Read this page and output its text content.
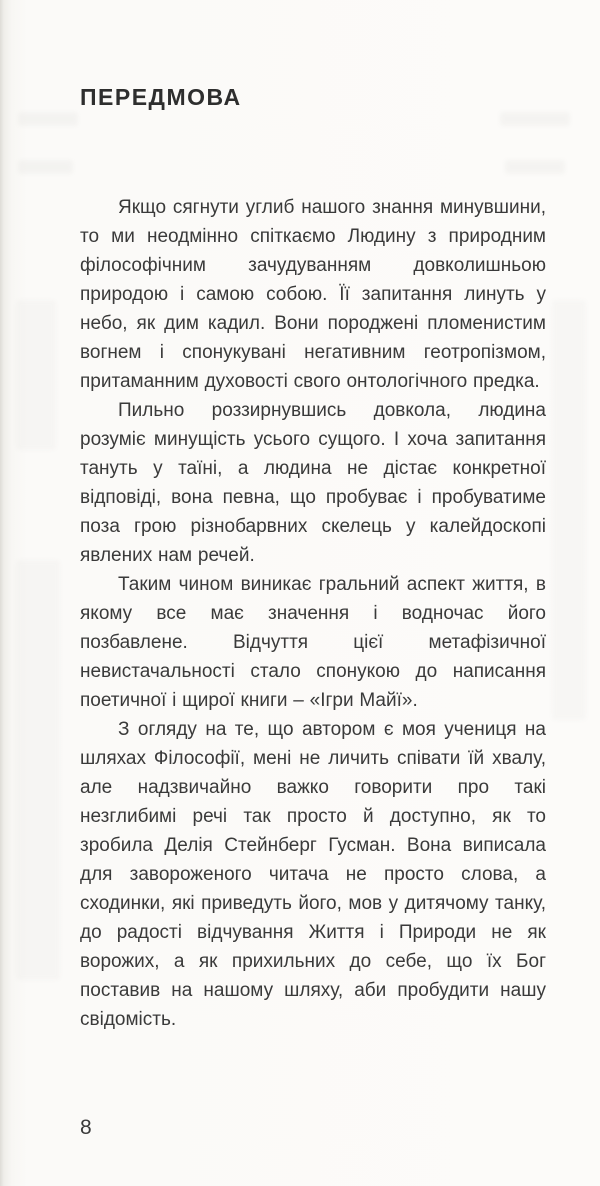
ПЕРЕДМОВА

Якщо сягнути углиб нашого знання минувшини, то ми неодмінно спіткаємо Людину з природним філософічним зачудуванням довколишньою природою і самою собою. Її запитання линуть у небо, як дим кадил. Вони породжені пломенистим вогнем і спонукувані негативним геотропізмом, притаманним духовості свого онтологічного предка.

Пильно роззирнувшись довкола, людина розуміє минущість усього сущого. І хоча запитання тануть у таїні, а людина не дістає конкретної відповіді, вона певна, що пробуває і пробуватиме поза грою різнобарвних скелець у калейдоскопі явлених нам речей.

Таким чином виникає гральний аспект життя, в якому все має значення і водночас його позбавлене. Відчуття цієї метафізичної невистачальності стало спонукою до написання поетичної і щирої книги – «Ігри Майї».

З огляду на те, що автором є моя учениця на шляхах Філософії, мені не личить співати їй хвалу, але надзвичайно важко говорити про такі незглибимі речі так просто й доступно, як то зробила Делія Стейнберг Гусман. Вона виписала для завороженого читача не просто слова, а сходинки, які приведуть його, мов у дитячому танку, до радості відчування Життя і Природи не як ворожих, а як прихильних до себе, що їх Бог поставив на нашому шляху, аби пробудити нашу свідомість.

8
